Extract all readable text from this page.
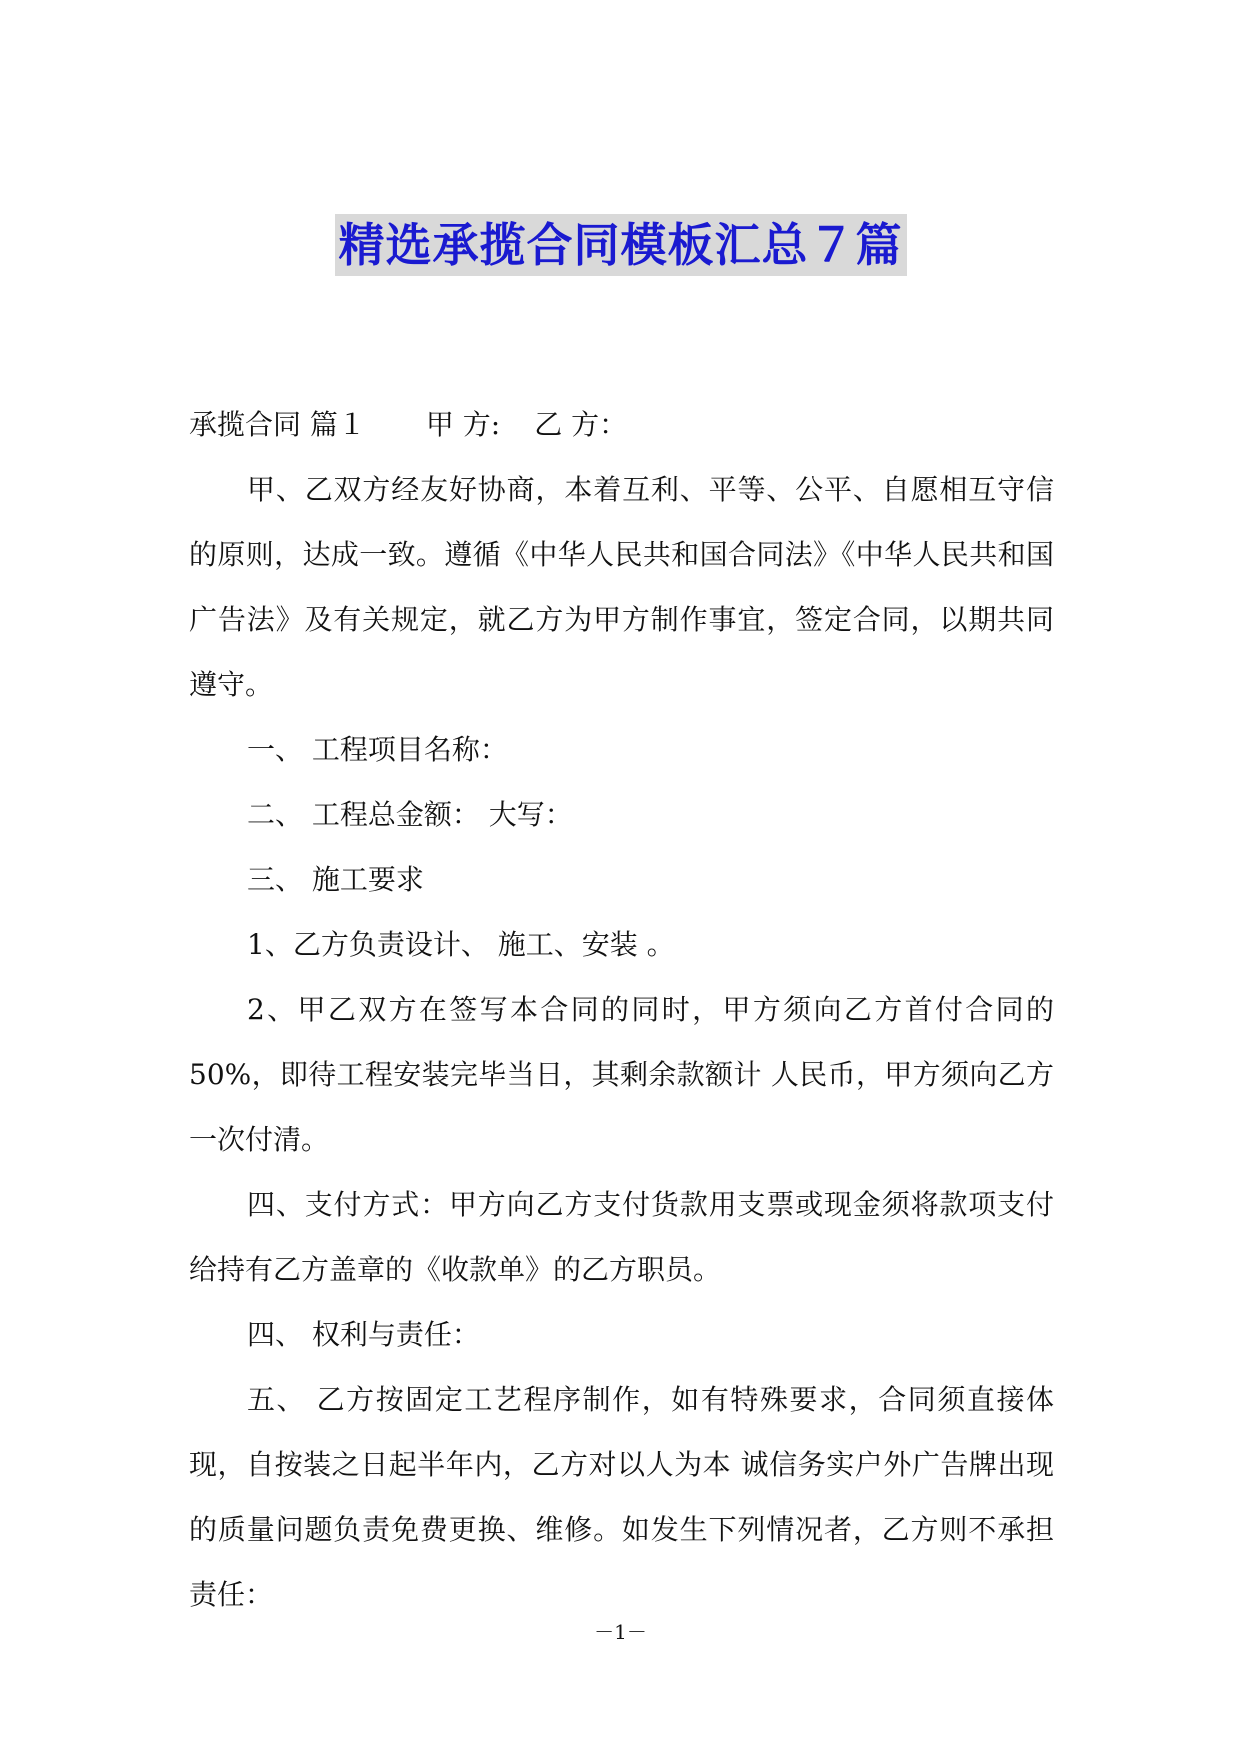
精选承揽合同模板汇总７篇

承揽合同 篇１ 甲 方: 乙 方：

甲、乙双方经友好协商，本着互利、平等、公平、自愿相互守信的原则，达成一致。遵循《中华人民共和国合同法》《中华人民共和国广告法》及有关规定，就乙方为甲方制作事宜，签定合同，以期共同遵守。

一、 工程项目名称：

二、 工程总金额： 大写：

三、 施工要求

1、乙方负责设计、 施工、安装 。

2、甲乙双方在签写本合同的同时，甲方须向乙方首付合同的 50%，即待工程安装完毕当日，其剩余款额计 人民币，甲方须向乙方一次付清。

四、支付方式：甲方向乙方支付货款用支票或现金须将款项支付给持有乙方盖章的《收款单》的乙方职员。

四、 权利与责任：

五、 乙方按固定工艺程序制作，如有特殊要求，合同须直接体现，自按装之日起半年内，乙方对以人为本 诚信务实户外广告牌出现的质量问题负责免费更换、维修。如发生下列情况者，乙方则不承担责任：

－1－
